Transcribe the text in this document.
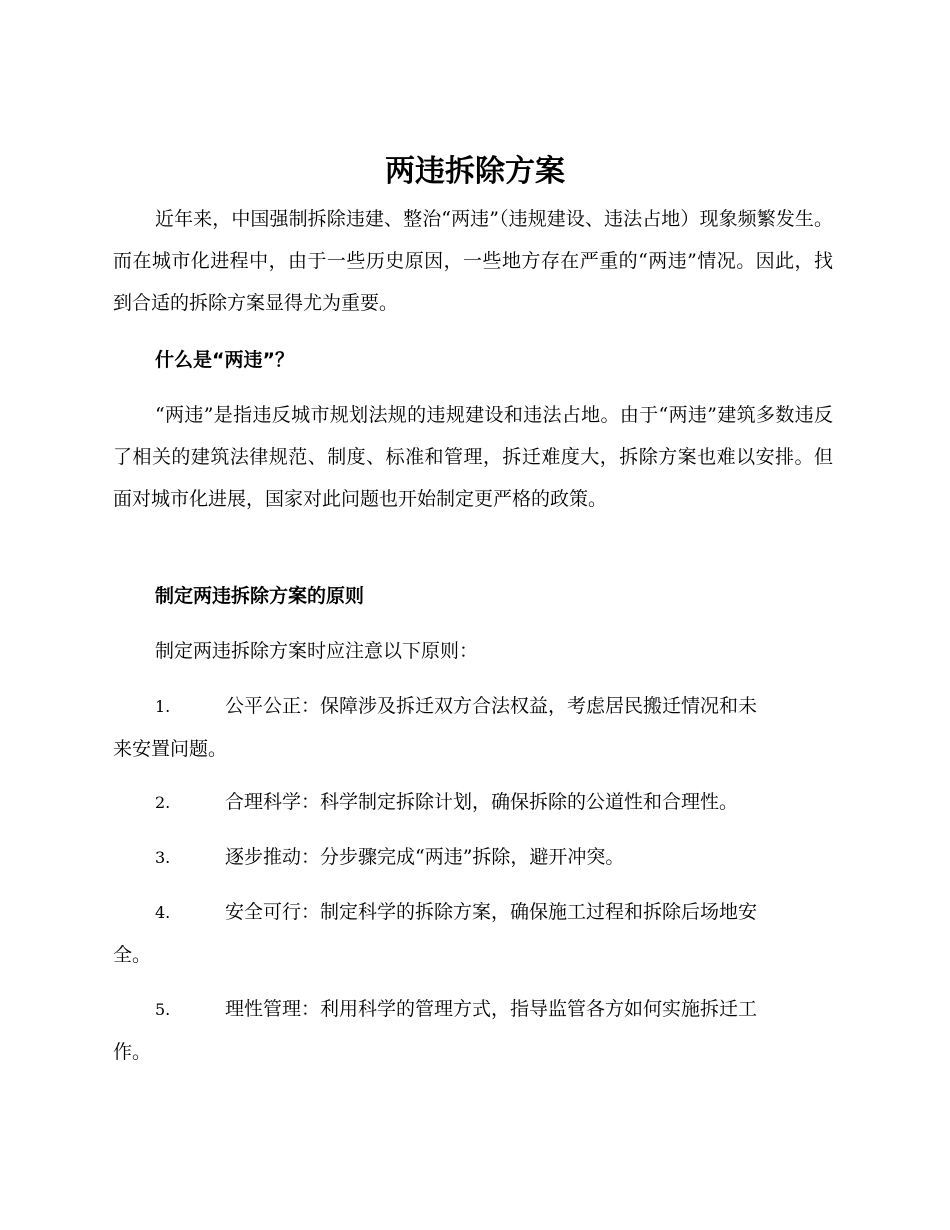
两违拆除方案

近年来，中国强制拆除违建、整治“两违”（违规建设、违法占地）现象频繁发生。而在城市化进程中，由于一些历史原因，一些地方存在严重的“两违”情况。因此，找到合适的拆除方案显得尤为重要。

什么是“两违”？

“两违”是指违反城市规划法规的违规建设和违法占地。由于“两违”建筑多数违反了相关的建筑法律规范、制度、标准和管理，拆迁难度大，拆除方案也难以安排。但面对城市化进展，国家对此问题也开始制定更严格的政策。

制定两违拆除方案的原则

制定两违拆除方案时应注意以下原则：

1.	公平公正：保障涉及拆迁双方合法权益，考虑居民搬迁情况和未
来安置问题。
2.	合理科学：科学制定拆除计划，确保拆除的公道性和合理性。
3.	逐步推动：分步骤完成“两违”拆除，避开冲突。
4.	安全可行：制定科学的拆除方案，确保施工过程和拆除后场地安
全。
5.	理性管理：利用科学的管理方式，指导监管各方如何实施拆迁工
作。
